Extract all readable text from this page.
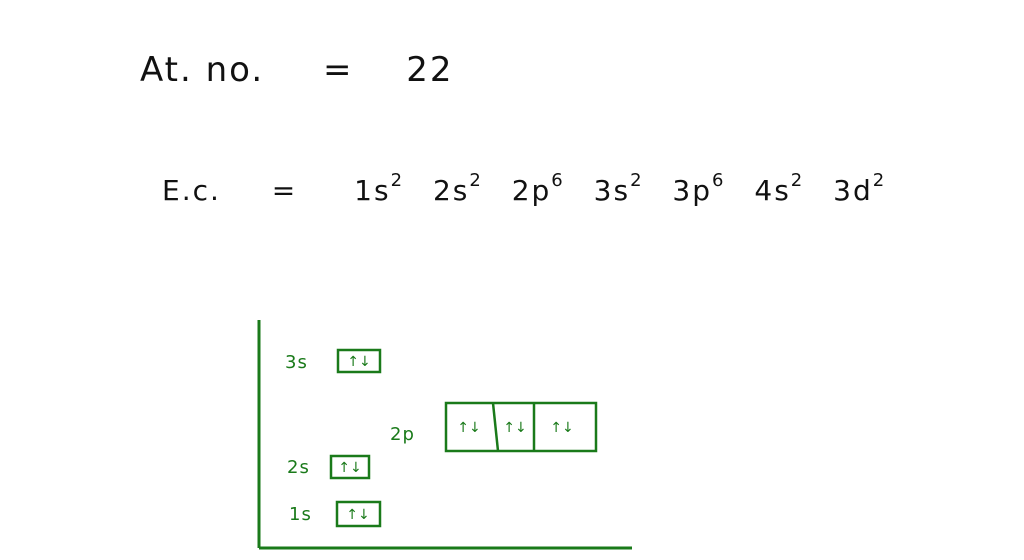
At. no. = 22
E.c. = $1s^2$ $2s^2$ $2p^6$ $3s^2$ $3p^6$ $4s^2$ $3d^2$
↑↓
↑↓ ↑↓ ↑↓
↑↓
↑↓
3s
2p
2s
1s
